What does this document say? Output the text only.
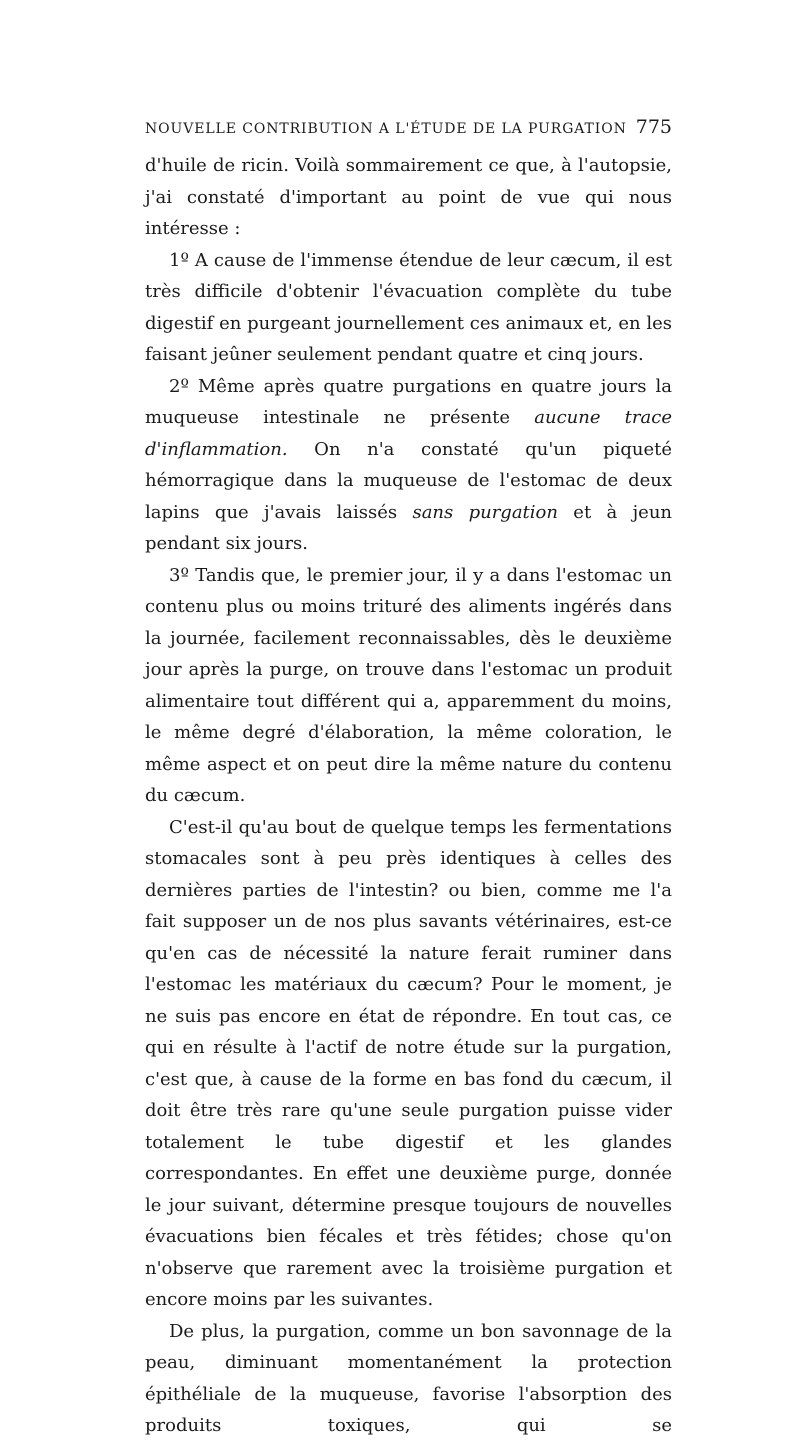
NOUVELLE CONTRIBUTION A L'ÉTUDE DE LA PURGATION 775

d'huile de ricin. Voilà sommairement ce que, à l'autopsie, j'ai constaté d'important au point de vue qui nous intéresse :

1º A cause de l'immense étendue de leur cæcum, il est très difficile d'obtenir l'évacuation complète du tube digestif en purgeant journellement ces animaux et, en les faisant jeûner seulement pendant quatre et cinq jours.

2º Même après quatre purgations en quatre jours la muqueuse intestinale ne présente aucune trace d'inflammation. On n'a constaté qu'un piqueté hémorragique dans la muqueuse de l'estomac de deux lapins que j'avais laissés sans purgation et à jeun pendant six jours.

3º Tandis que, le premier jour, il y a dans l'estomac un contenu plus ou moins trituré des aliments ingérés dans la journée, facilement reconnaissables, dès le deuxième jour après la purge, on trouve dans l'estomac un produit alimentaire tout différent qui a, apparemment du moins, le même degré d'élaboration, la même coloration, le même aspect et on peut dire la même nature du contenu du cæcum.

C'est-il qu'au bout de quelque temps les fermentations stomacales sont à peu près identiques à celles des dernières parties de l'intestin? ou bien, comme me l'a fait supposer un de nos plus savants vétérinaires, est-ce qu'en cas de nécessité la nature ferait ruminer dans l'estomac les matériaux du cæcum? Pour le moment, je ne suis pas encore en état de répondre. En tout cas, ce qui en résulte à l'actif de notre étude sur la purgation, c'est que, à cause de la forme en bas fond du cæcum, il doit être très rare qu'une seule purgation puisse vider totalement le tube digestif et les glandes correspondantes. En effet une deuxième purge, donnée le jour suivant, détermine presque toujours de nouvelles évacuations bien fécales et très fétides; chose qu'on n'observe que rarement avec la troisième purgation et encore moins par les suivantes.

De plus, la purgation, comme un bon savonnage de la peau, diminuant momentanément la protection épithéliale de la muqueuse, favorise l'absorption des produits toxiques, qui se
